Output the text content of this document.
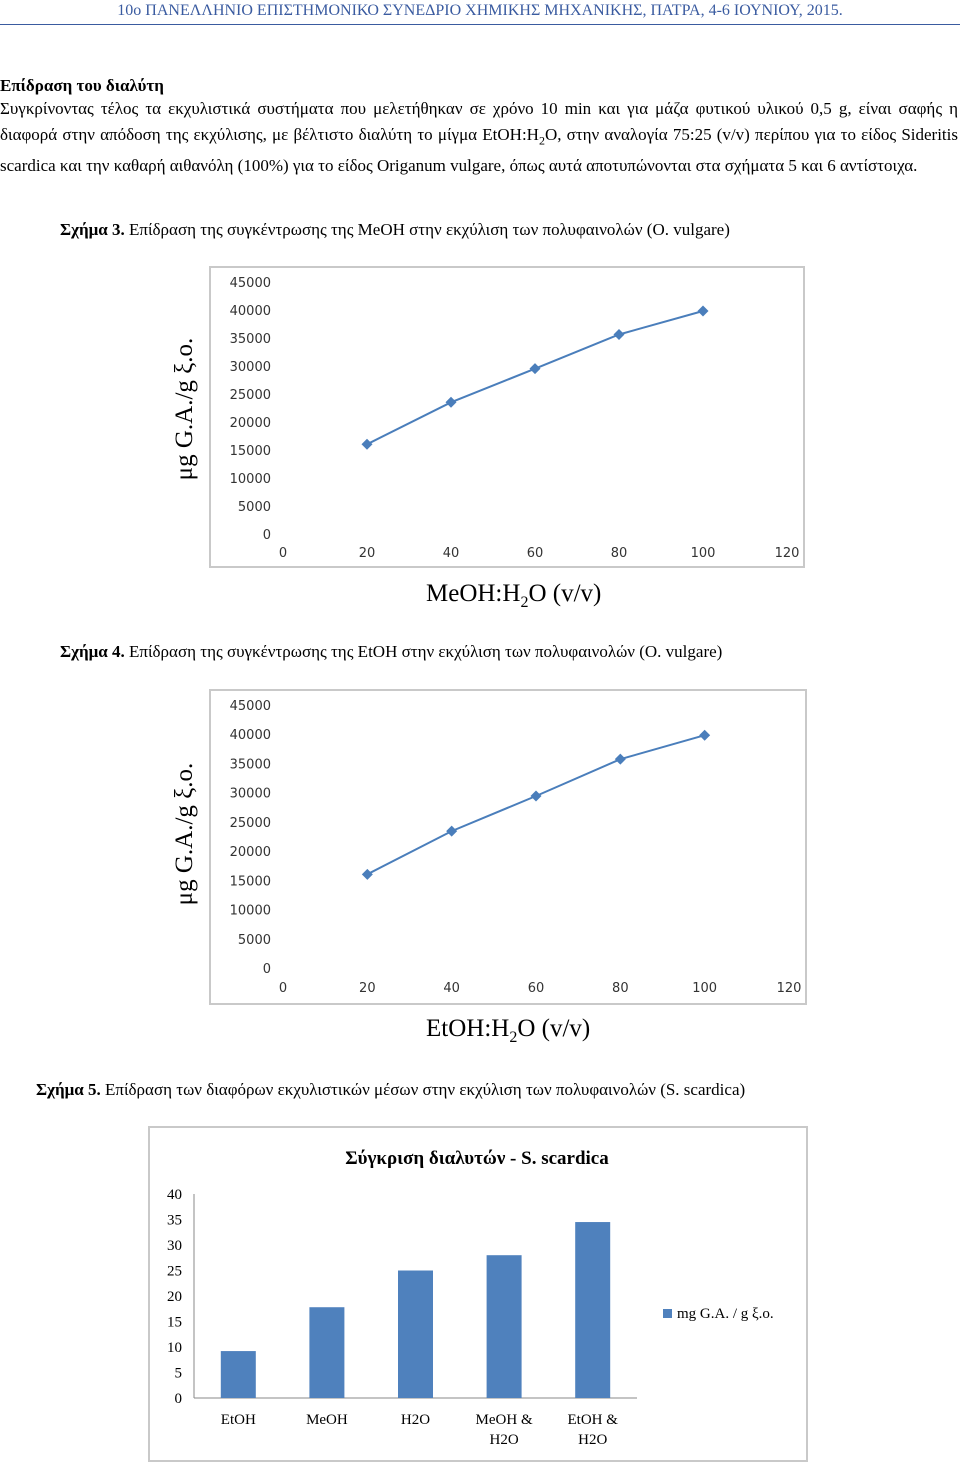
10ο ΠΑΝΕΛΛΗΝΙΟ ΕΠΙΣΤΗΜΟΝΙΚΟ ΣΥΝΕΔΡΙΟ ΧΗΜΙΚΗΣ ΜΗΧΑΝΙΚΗΣ, ΠΑΤΡΑ, 4-6 ΙΟΥΝΙΟΥ, 2015.
Επίδραση του διαλύτη
Συγκρίνοντας τέλος τα εκχυλιστικά συστήματα που μελετήθηκαν σε χρόνο 10 min και για μάζα φυτικού υλικού 0,5 g, είναι σαφής η διαφορά στην απόδοση της εκχύλισης, με βέλτιστο διαλύτη το μίγμα $EtOH:H_2O$, στην αναλογία 75:25 (v/v) περίπου για το είδος Sideritis scardica και την καθαρή αιθανόλη (100%) για το είδος Origanum vulgare, όπως αυτά αποτυπώνονται στα σχήματα 5 και 6 αντίστοιχα.
Σχήμα 3. Επίδραση της συγκέντρωσης της MeOH στην εκχύλιση των πολυφαινολών (O. vulgare)
0
5000
10000
15000
20000
25000
30000
35000
40000
45000
0	20	40	60	80	100	120
μg G.A./g ξ.ο.
$MeOH:H_2O$ (v/v)
Σχήμα 4. Επίδραση της συγκέντρωσης της EtOH στην εκχύλιση των πολυφαινολών (O. vulgare)
0
5000
10000
15000
20000
25000
30000
35000
40000
45000
0	20	40	60	80	100	120
μg G.A./g ξ.ο.
$EtOH:H_2O$ (v/v)
Σχήμα 5. Επίδραση των διαφόρων εκχυλιστικών μέσων στην εκχύλιση των πολυφαινολών (S. scardica)
Σύγκριση διαλυτών - S. scardica
0
5
10
15
20
25
30
35
40
EtOH	MeOH	H2O	MeOH & H2O
EtOH & H2O
mg G.A. / g ξ.ο.
